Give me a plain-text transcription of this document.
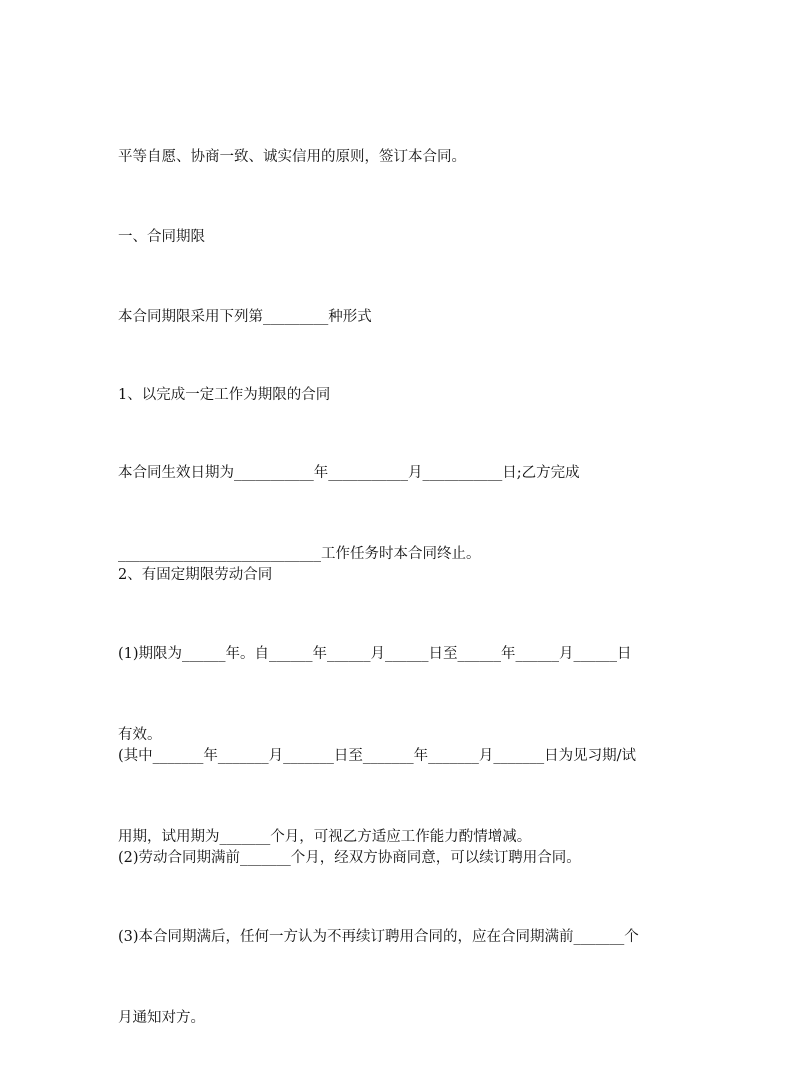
平等自愿、协商一致、诚实信用的原则，签订本合同。

一、合同期限

本合同期限采用下列第_________种形式

1、以完成一定工作为期限的合同

本合同生效日期为___________年___________月___________日;乙方完成

____________________________工作任务时本合同终止。

2、有固定期限劳动合同

(1)期限为______年。自______年______月______日至______年______月______日

有效。

(其中_______年_______月_______日至_______年_______月_______日为见习期/试

用期，试用期为_______个月，可视乙方适应工作能力酌情增减。

(2)劳动合同期满前_______个月，经双方协商同意，可以续订聘用合同。

(3)本合同期满后，任何一方认为不再续订聘用合同的，应在合同期满前_______个

月通知对方。
